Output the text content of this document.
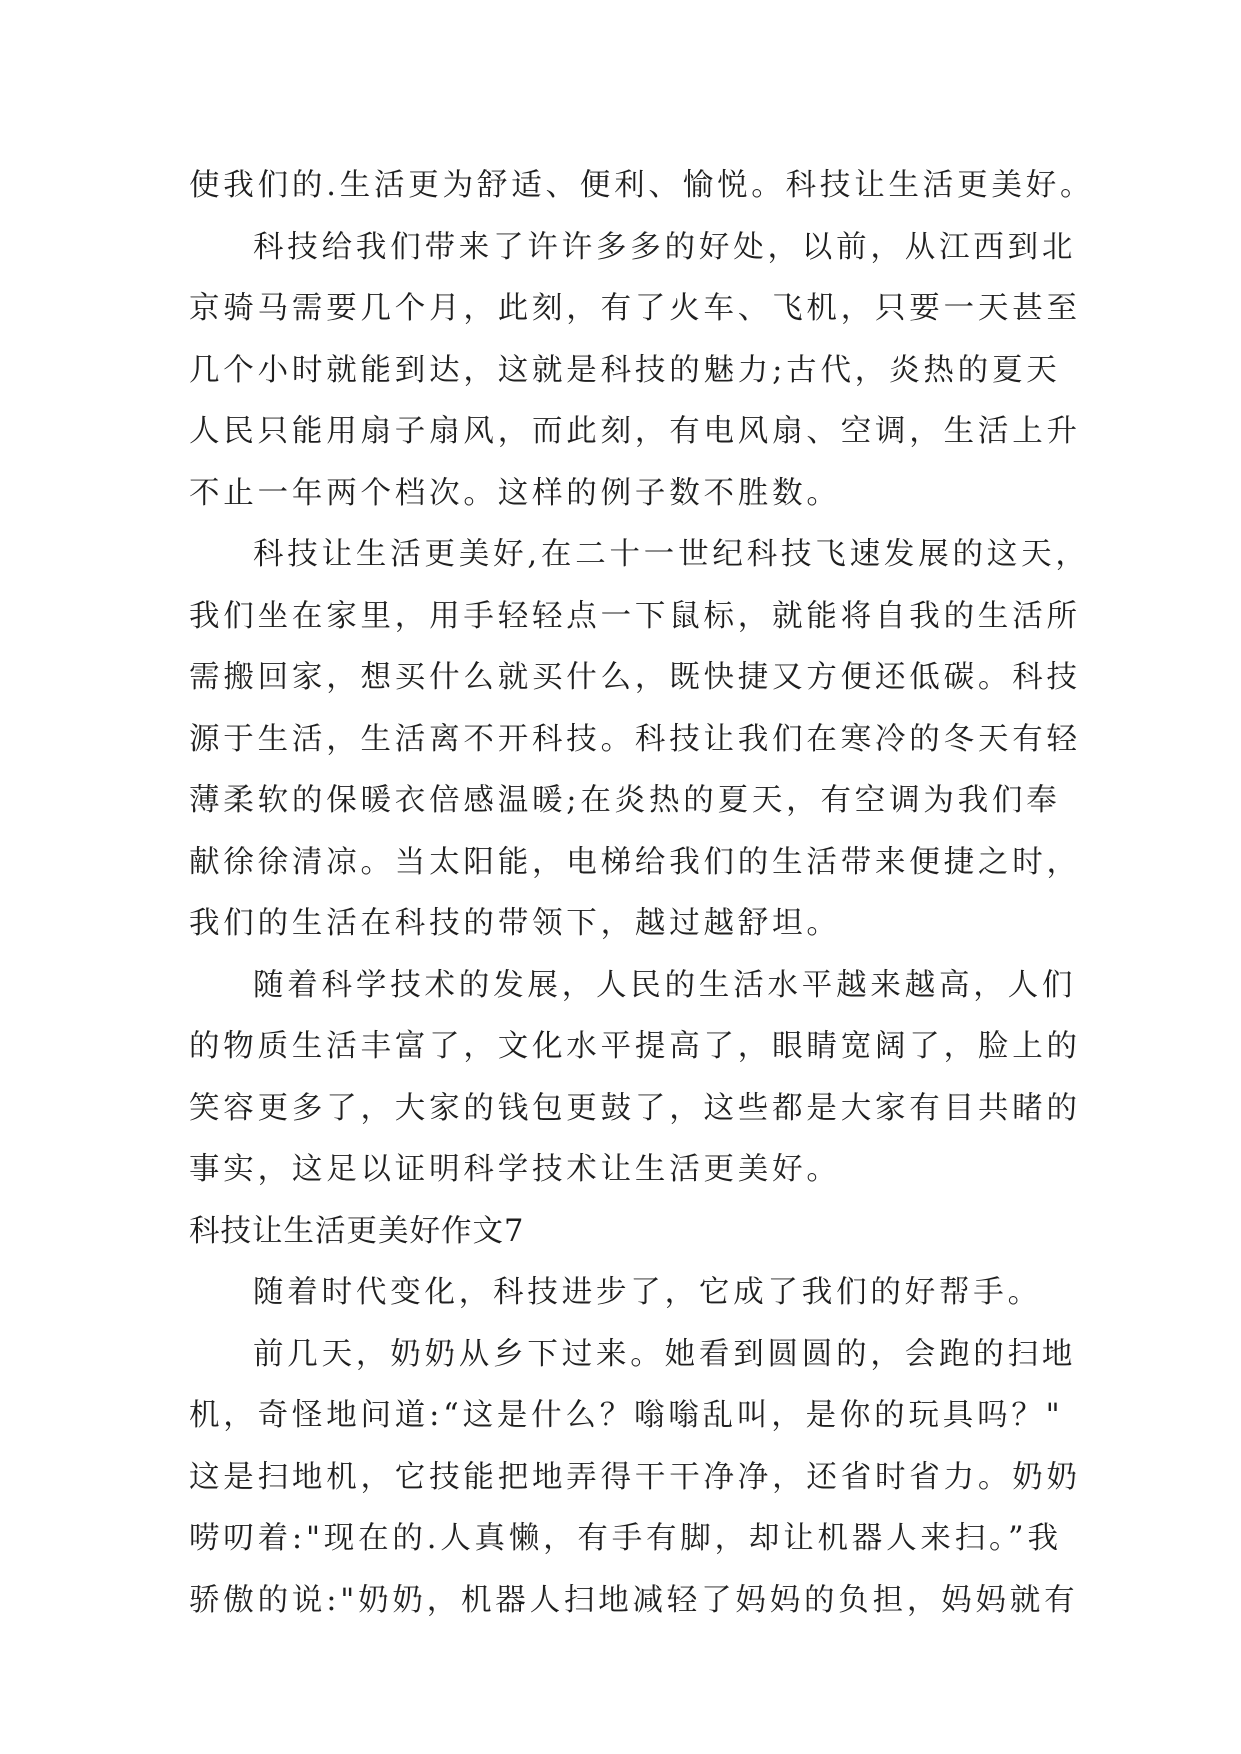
使我们的.生活更为舒适、便利、愉悦。科技让生活更美好。
科技给我们带来了许许多多的好处，以前，从江西到北
京骑马需要几个月，此刻，有了火车、飞机，只要一天甚至
几个小时就能到达，这就是科技的魅力;古代，炎热的夏天
人民只能用扇子扇风，而此刻，有电风扇、空调，生活上升
不止一年两个档次。这样的例子数不胜数。
科技让生活更美好,在二十一世纪科技飞速发展的这天，
我们坐在家里，用手轻轻点一下鼠标，就能将自我的生活所
需搬回家，想买什么就买什么，既快捷又方便还低碳。科技
源于生活，生活离不开科技。科技让我们在寒冷的冬天有轻
薄柔软的保暖衣倍感温暖;在炎热的夏天，有空调为我们奉
献徐徐清凉。当太阳能，电梯给我们的生活带来便捷之时，
我们的生活在科技的带领下，越过越舒坦。
随着科学技术的发展，人民的生活水平越来越高，人们
的物质生活丰富了，文化水平提高了，眼睛宽阔了，脸上的
笑容更多了，大家的钱包更鼓了，这些都是大家有目共睹的
事实，这足以证明科学技术让生活更美好。
科技让生活更美好作文7
随着时代变化，科技进步了，它成了我们的好帮手。
前几天，奶奶从乡下过来。她看到圆圆的，会跑的扫地
机，奇怪地问道:“这是什么？嗡嗡乱叫，是你的玩具吗？"
这是扫地机，它技能把地弄得干干净净，还省时省力。奶奶
唠叨着:"现在的.人真懒，有手有脚，却让机器人来扫。”我
骄傲的说:"奶奶，机器人扫地减轻了妈妈的负担，妈妈就有
